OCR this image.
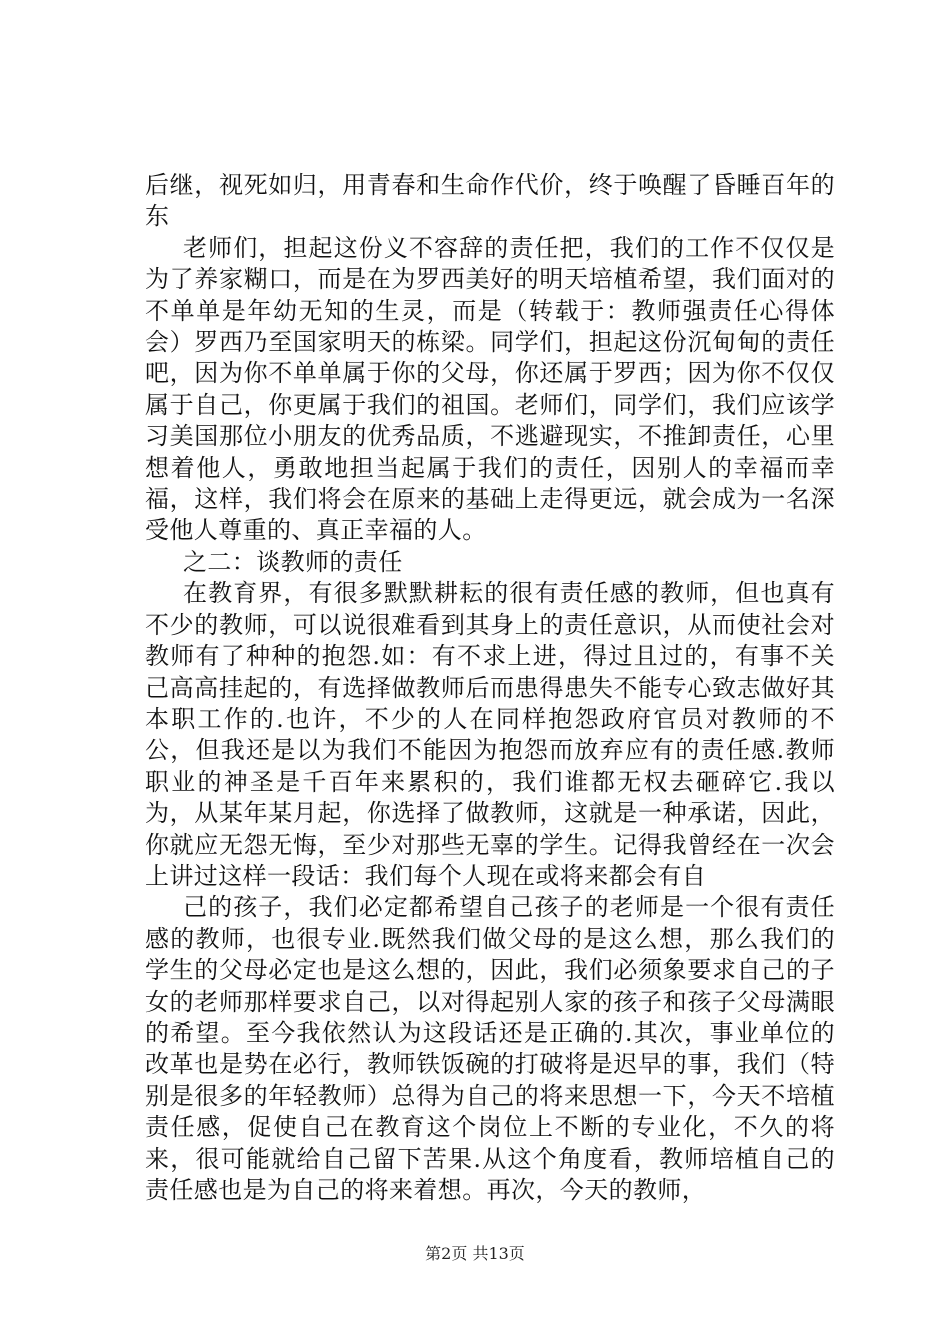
后继，视死如归，用青春和生命作代价，终于唤醒了昏睡百年的东

老师们，担起这份义不容辞的责任把，我们的工作不仅仅是为了养家糊口，而是在为罗西美好的明天培植希望，我们面对的不单单是年幼无知的生灵，而是（转载于：教师强责任心得体会）罗西乃至国家明天的栋梁。同学们，担起这份沉甸甸的责任吧，因为你不单单属于你的父母，你还属于罗西；因为你不仅仅属于自己，你更属于我们的祖国。老师们，同学们，我们应该学习美国那位小朋友的优秀品质，不逃避现实，不推卸责任，心里想着他人，勇敢地担当起属于我们的责任，因别人的幸福而幸福，这样，我们将会在原来的基础上走得更远，就会成为一名深受他人尊重的、真正幸福的人。

之二：谈教师的责任

在教育界，有很多默默耕耘的很有责任感的教师，但也真有不少的教师，可以说很难看到其身上的责任意识，从而使社会对教师有了种种的抱怨.如：有不求上进，得过且过的，有事不关己高高挂起的，有选择做教师后而患得患失不能专心致志做好其本职工作的.也许，不少的人在同样抱怨政府官员对教师的不公，但我还是以为我们不能因为抱怨而放弃应有的责任感.教师职业的神圣是千百年来累积的，我们谁都无权去砸碎它.我以为，从某年某月起，你选择了做教师，这就是一种承诺，因此，你就应无怨无悔，至少对那些无辜的学生。记得我曾经在一次会上讲过这样一段话：我们每个人现在或将来都会有自

己的孩子，我们必定都希望自己孩子的老师是一个很有责任感的教师，也很专业.既然我们做父母的是这么想，那么我们的学生的父母必定也是这么想的，因此，我们必须象要求自己的子女的老师那样要求自己，以对得起别人家的孩子和孩子父母满眼的希望。至今我依然认为这段话还是正确的.其次，事业单位的改革也是势在必行，教师铁饭碗的打破将是迟早的事，我们（特别是很多的年轻教师）总得为自己的将来思想一下，今天不培植责任感，促使自己在教育这个岗位上不断的专业化，不久的将来，很可能就给自己留下苦果.从这个角度看，教师培植自己的责任感也是为自己的将来着想。再次，今天的教师，

第2页 共13页
